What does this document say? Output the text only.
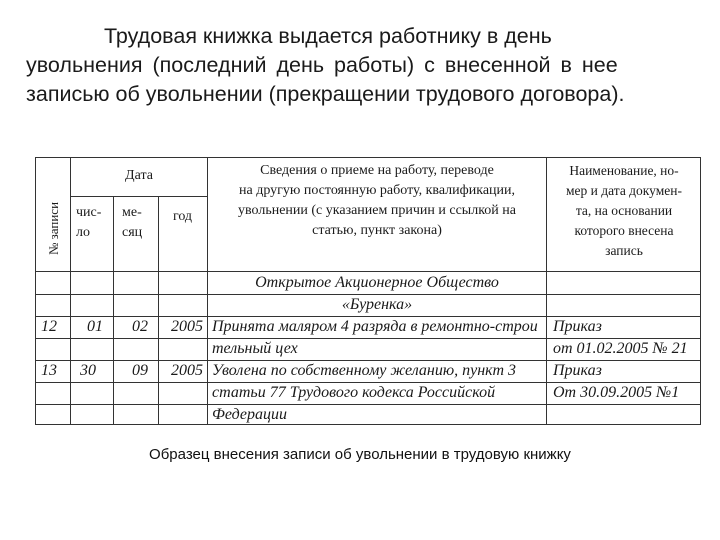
Трудовая книжка выдается работнику в день
увольнения (последний день работы) с внесенной в нее
записью об увольнении (прекращении трудового договора).
№ записи
Дата
чис-
ло
ме-
сяц
год
Сведения о приеме на работу, переводе
на другую постоянную работу, квалификации,
увольнении (с указанием причин и ссылкой на
статью, пункт закона)
Наименование, но-
мер и дата докумен-
та, на основании
которого внесена
запись
Открытое Акционерное Общество
«Буренка»
12 01 02 2005 Принята маляром 4 разряда в ремонтно-строи
тельный цех
Приказ
от 01.02.2005 № 21
13 30 09 2005 Уволена по собственному желанию, пункт 3
статьи 77 Трудового кодекса Российской
Федерации
Приказ
От 30.09.2005 №1
Образец внесения записи об увольнении в трудовую книжку
